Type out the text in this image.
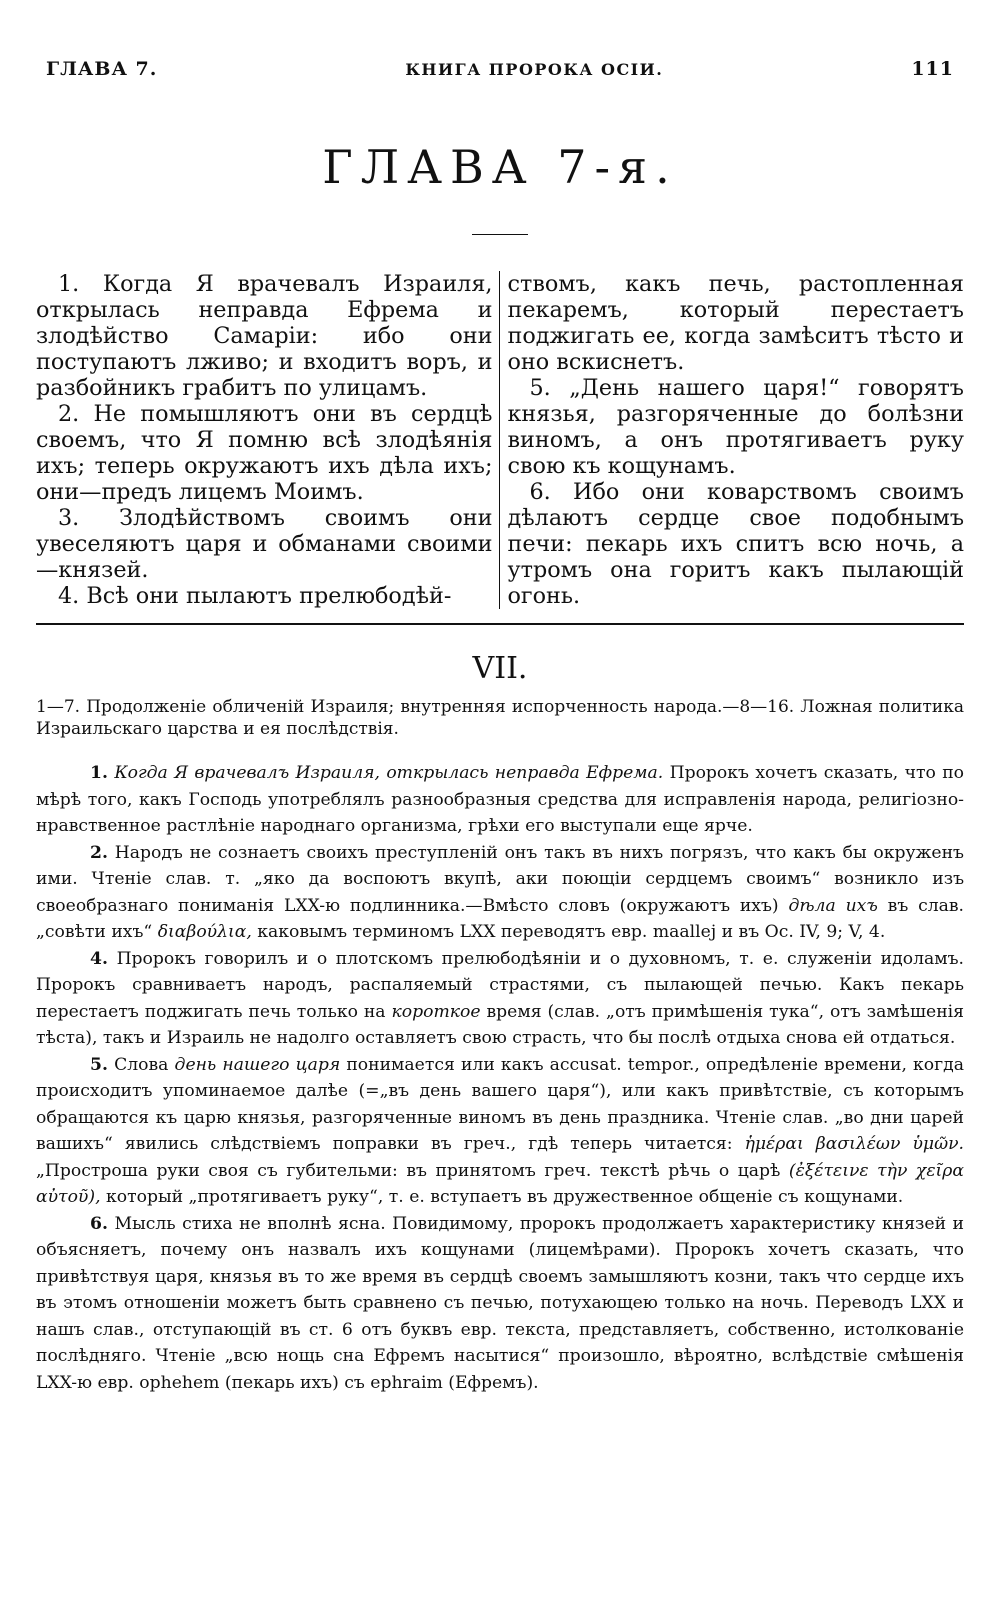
ГЛАВА 7.	КНИГА ПРОРОКА ОСІИ.	111
ГЛАВА 7-я.

1. Когда Я врачевалъ Израиля, открылась неправда Ефрема и злодѣйство Самаріи: ибо они поступаютъ лживо; и входитъ воръ, и разбойникъ грабитъ по улицамъ.

2. Не помышляютъ они въ сердцѣ своемъ, что Я помню всѣ злодѣянія ихъ; теперь окружаютъ ихъ дѣла ихъ; они—предъ лицемъ Моимъ.

3. Злодѣйствомъ своимъ они увеселяютъ царя и обманами своими—князей.

4. Всѣ они пылаютъ прелюбодѣй-

ствомъ, какъ печь, растопленная пекаремъ, который перестаетъ поджигать ее, когда замѣситъ тѣсто и оно вскиснетъ.

5. „День нашего царя!“ говорятъ князья, разгоряченные до болѣзни виномъ, а онъ протягиваетъ руку свою къ кощунамъ.

6. Ибо они коварствомъ своимъ дѣлаютъ сердце свое подобнымъ печи: пекарь ихъ спитъ всю ночь, а утромъ она горитъ какъ пылающій огонь.

VII.
1—7. Продолженіе обличеній Израиля; внутренняя испорченность народа.—8—16. Ложная политика Израильскаго царства и ея послѣдствія.

1. Когда Я врачевалъ Израиля, открылась неправда Ефрема. Пророкъ хочетъ сказать, что по мѣрѣ того, какъ Господь употреблялъ разнообразныя средства для исправленія народа, религіозно-нравственное растлѣніе народнаго организма, грѣхи его выступали еще ярче.

2. Народъ не сознаетъ своихъ преступленій онъ такъ въ нихъ погрязъ, что какъ бы окруженъ ими. Чтеніе слав. т. „яко да воспоютъ вкупѣ, аки поющіи сердцемъ своимъ“ возникло изъ своеобразнаго пониманія LXX-ю подлинника.—Вмѣсто словъ (окружаютъ ихъ) дѣла ихъ въ слав. „совѣти ихъ“ διαβούλια, каковымъ терминомъ LXX переводятъ евр. maallej и въ Ос. IV, 9; V, 4.

4. Пророкъ говорилъ и о плотскомъ прелюбодѣяніи и о духовномъ, т. е. служеніи идоламъ. Пророкъ сравниваетъ народъ, распаляемый страстями, съ пылающей печью. Какъ пекарь перестаетъ поджигать печь только на короткое время (слав. „отъ примѣшенія тука“, отъ замѣшенія тѣста), такъ и Израиль не надолго оставляетъ свою страсть, что бы послѣ отдыха снова ей отдаться.

5. Слова день нашего царя понимается или какъ accusat. tempor., опредѣленіе времени, когда происходитъ упоминаемое далѣе (=„въ день вашего царя“), или какъ привѣтствіе, съ которымъ обращаются къ царю князья, разгоряченные виномъ въ день праздника. Чтеніе слав. „во дни царей вашихъ“ явились слѣдствіемъ поправки въ греч., гдѣ теперь читается: ἡμέραι βασιλέων ὑμῶν. „Простроша руки своя съ губительми: въ принятомъ греч. текстѣ рѣчь о царѣ (ἐξέτεινε τὴν χεῖρα αὐτοῦ), который „протягиваетъ руку“, т. е. вступаетъ въ дружественное общеніе съ кощунами.

6. Мысль стиха не вполнѣ ясна. Повидимому, пророкъ продолжаетъ характеристику князей и объясняетъ, почему онъ назвалъ ихъ кощунами (лицемѣрами). Пророкъ хочетъ сказать, что привѣтствуя царя, князья въ то же время въ сердцѣ своемъ замышляютъ козни, такъ что сердце ихъ въ этомъ отношеніи можетъ быть сравнено съ печью, потухающею только на ночь. Переводъ LXX и нашъ слав., отступающій въ ст. 6 отъ буквъ евр. текста, представляетъ, собственно, истолкованіе послѣдняго. Чтеніе „всю нощь сна Ефремъ насытися“ произошло, вѣроятно, вслѣдствіе смѣшенія LXX-ю евр. ophehem (пекарь ихъ) съ ephraim (Ефремъ).
